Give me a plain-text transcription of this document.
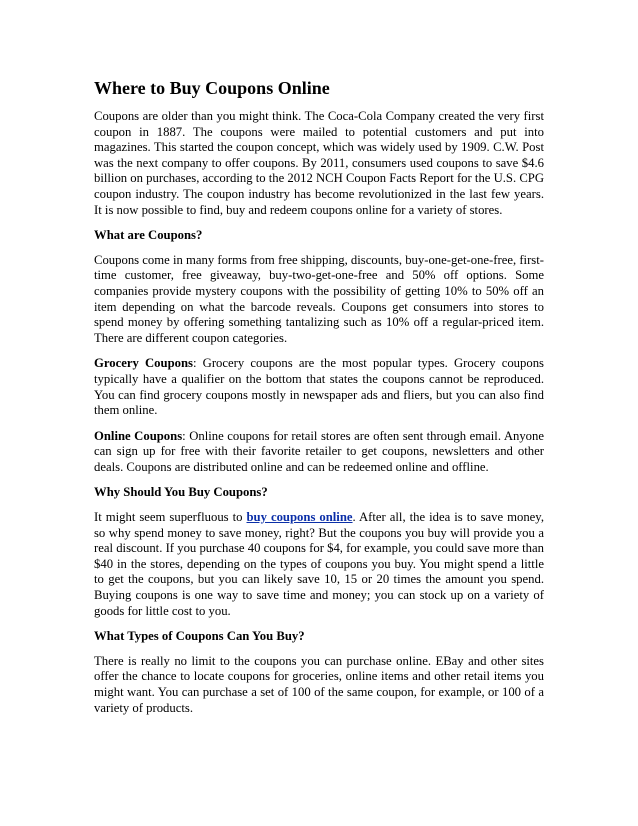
Where to Buy Coupons Online

Coupons are older than you might think. The Coca-Cola Company created the very first coupon in 1887. The coupons were mailed to potential customers and put into magazines. This started the coupon concept, which was widely used by 1909. C.W. Post was the next company to offer coupons. By 2011, consumers used coupons to save $4.6 billion on purchases, according to the 2012 NCH Coupon Facts Report for the U.S. CPG coupon industry. The coupon industry has become revolutionized in the last few years. It is now possible to find, buy and redeem coupons online for a variety of stores.

What are Coupons?

Coupons come in many forms from free shipping, discounts, buy-one-get-one-free, first-time customer, free giveaway, buy-two-get-one-free and 50% off options. Some companies provide mystery coupons with the possibility of getting 10% to 50% off an item depending on what the barcode reveals. Coupons get consumers into stores to spend money by offering something tantalizing such as 10% off a regular-priced item. There are different coupon categories.

Grocery Coupons: Grocery coupons are the most popular types. Grocery coupons typically have a qualifier on the bottom that states the coupons cannot be reproduced. You can find grocery coupons mostly in newspaper ads and fliers, but you can also find them online.

Online Coupons: Online coupons for retail stores are often sent through email. Anyone can sign up for free with their favorite retailer to get coupons, newsletters and other deals. Coupons are distributed online and can be redeemed online and offline.

Why Should You Buy Coupons?

It might seem superfluous to buy coupons online. After all, the idea is to save money, so why spend money to save money, right? But the coupons you buy will provide you a real discount. If you purchase 40 coupons for $4, for example, you could save more than $40 in the stores, depending on the types of coupons you buy. You might spend a little to get the coupons, but you can likely save 10, 15 or 20 times the amount you spend. Buying coupons is one way to save time and money; you can stock up on a variety of goods for little cost to you.

What Types of Coupons Can You Buy?

There is really no limit to the coupons you can purchase online. EBay and other sites offer the chance to locate coupons for groceries, online items and other retail items you might want. You can purchase a set of 100 of the same coupon, for example, or 100 of a variety of products.
